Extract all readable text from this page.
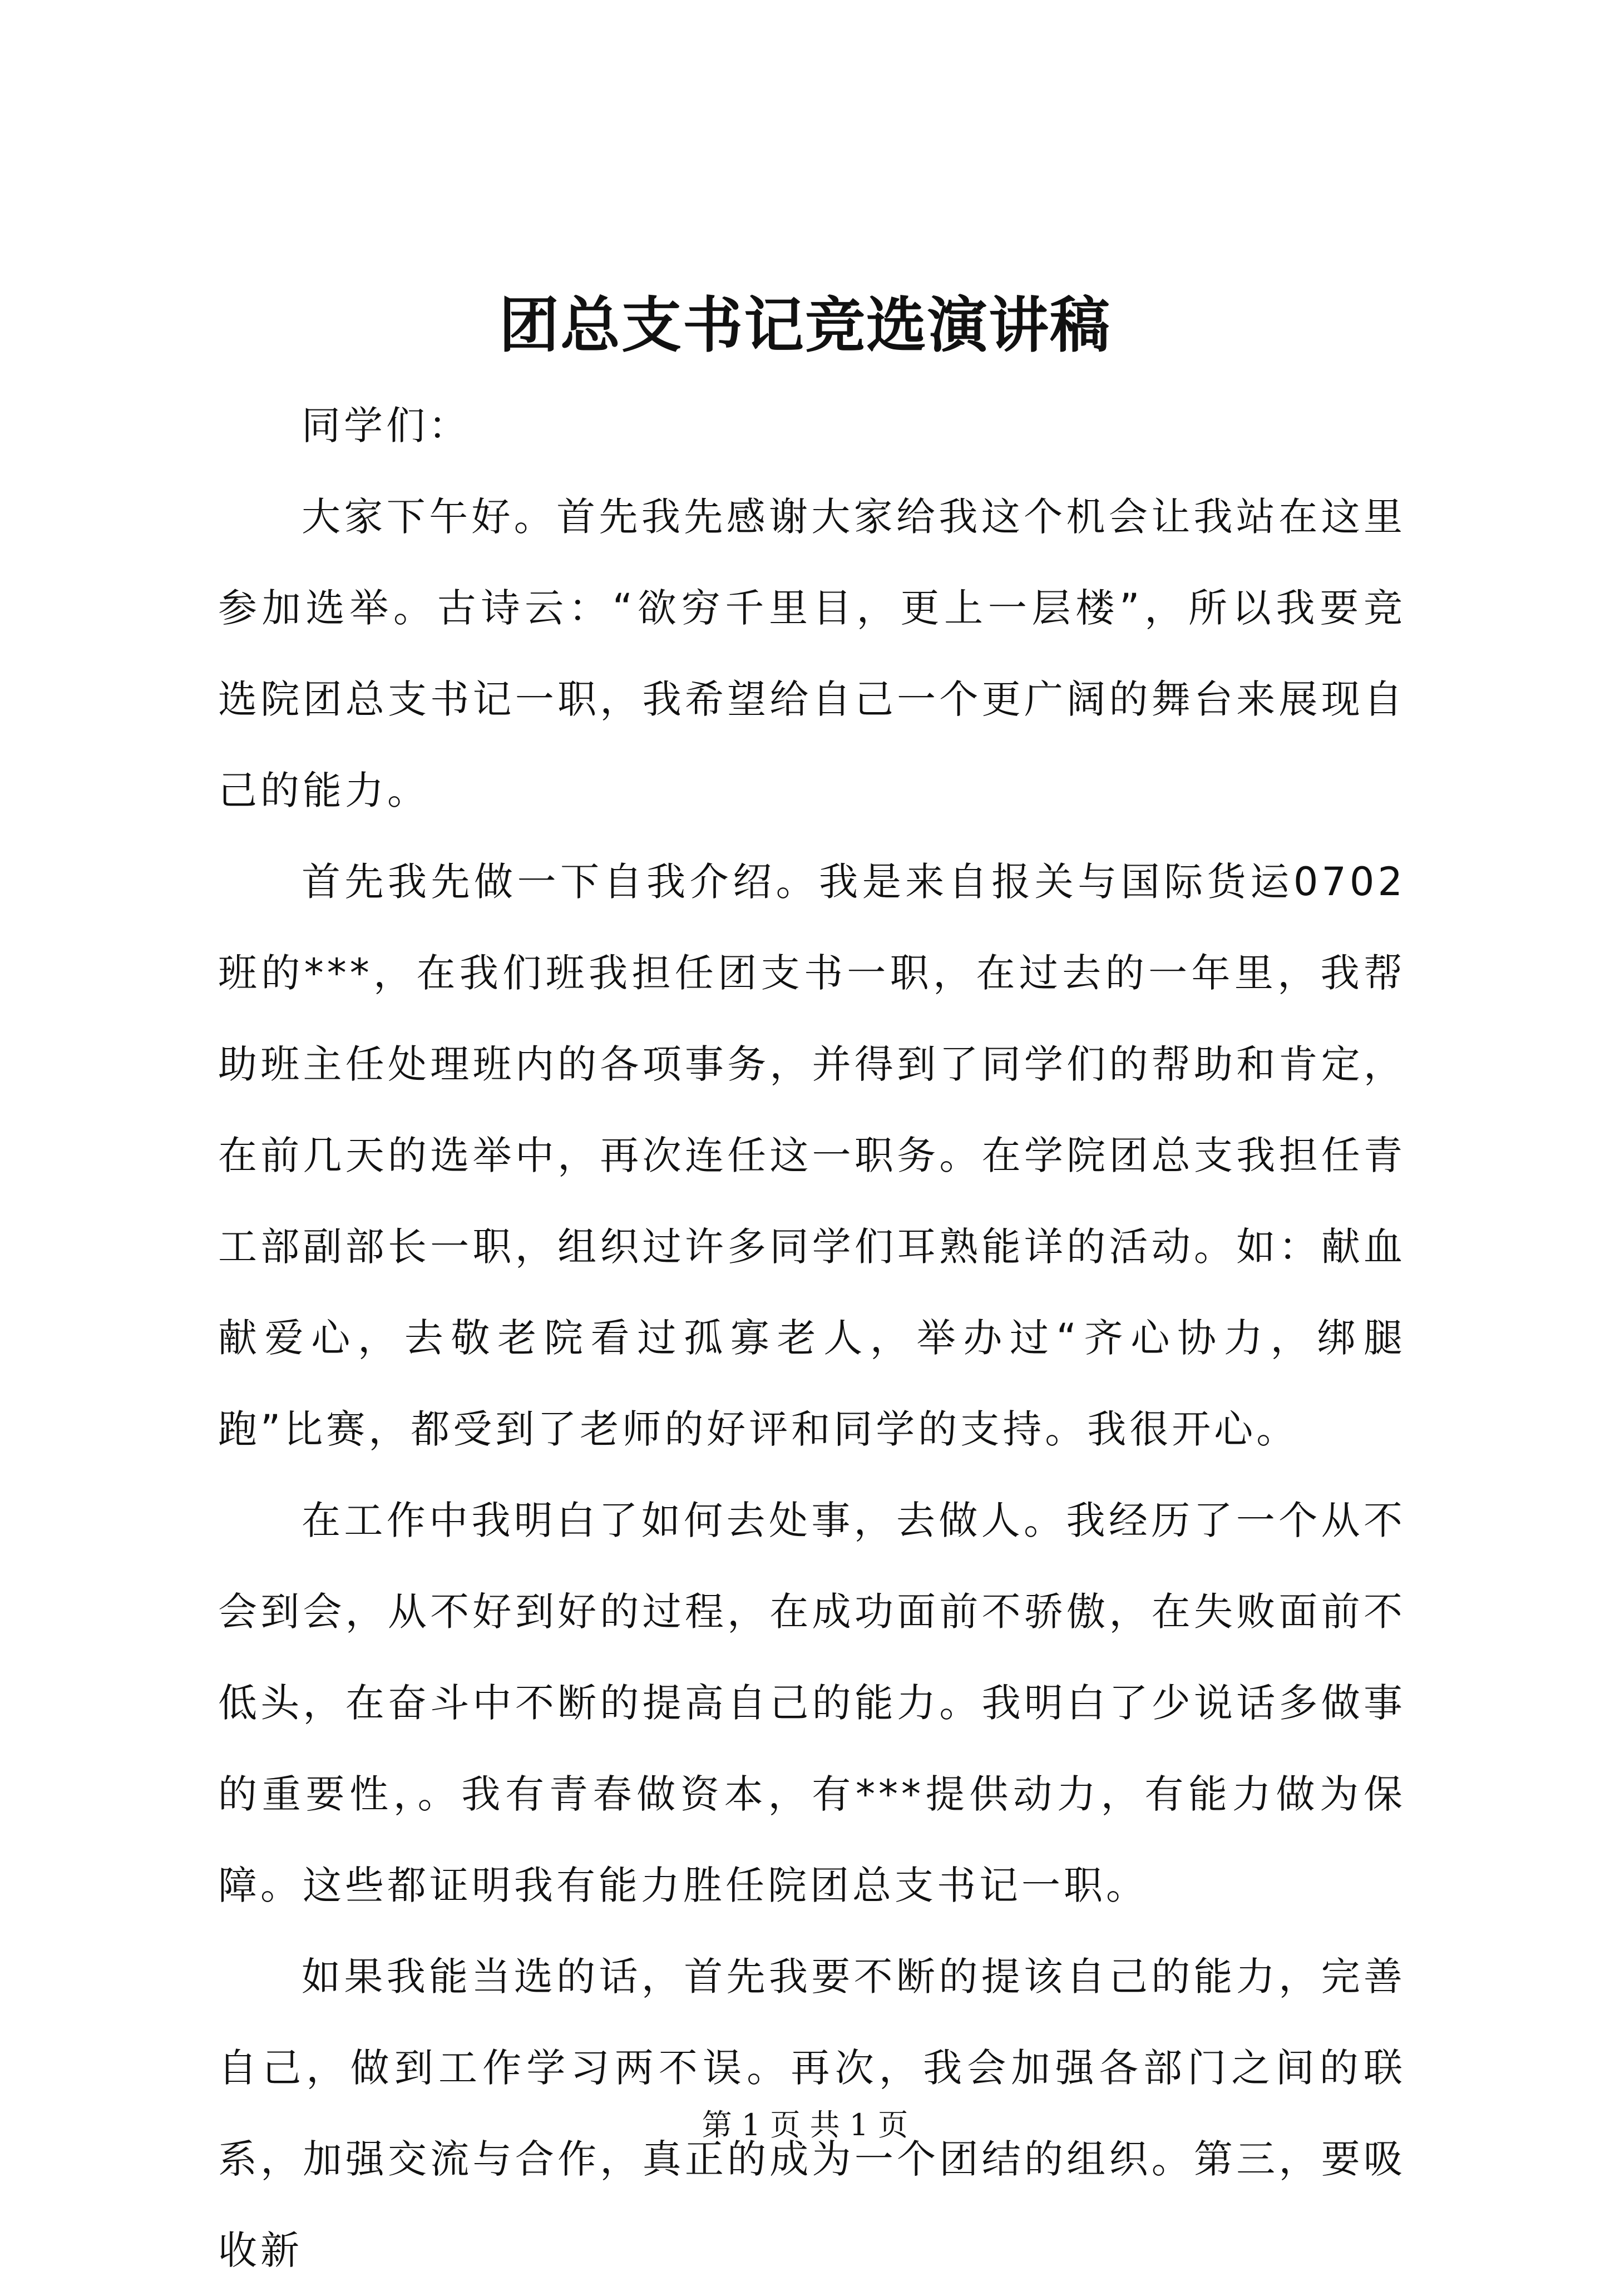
团总支书记竞选演讲稿

同学们：

大家下午好。首先我先感谢大家给我这个机会让我站在这里参加选举。古诗云：“欲穷千里目，更上一层楼”，所以我要竞选院团总支书记一职，我希望给自己一个更广阔的舞台来展现自己的能力。

首先我先做一下自我介绍。我是来自报关与国际货运0702班的***，在我们班我担任团支书一职，在过去的一年里，我帮助班主任处理班内的各项事务，并得到了同学们的帮助和肯定，在前几天的选举中，再次连任这一职务。在学院团总支我担任青工部副部长一职，组织过许多同学们耳熟能详的活动。如：献血献爱心，去敬老院看过孤寡老人，举办过“齐心协力，绑腿跑”比赛，都受到了老师的好评和同学的支持。我很开心。

在工作中我明白了如何去处事，去做人。我经历了一个从不会到会，从不好到好的过程，在成功面前不骄傲，在失败面前不低头，在奋斗中不断的提高自己的能力。我明白了少说话多做事的重要性，。我有青春做资本，有***提供动力，有能力做为保障。这些都证明我有能力胜任院团总支书记一职。

如果我能当选的话，首先我要不断的提该自己的能力，完善自己，做到工作学习两不误。再次，我会加强各部门之间的联系，加强交流与合作，真正的成为一个团结的组织。第三，要吸收新

第 1 页 共 1 页
